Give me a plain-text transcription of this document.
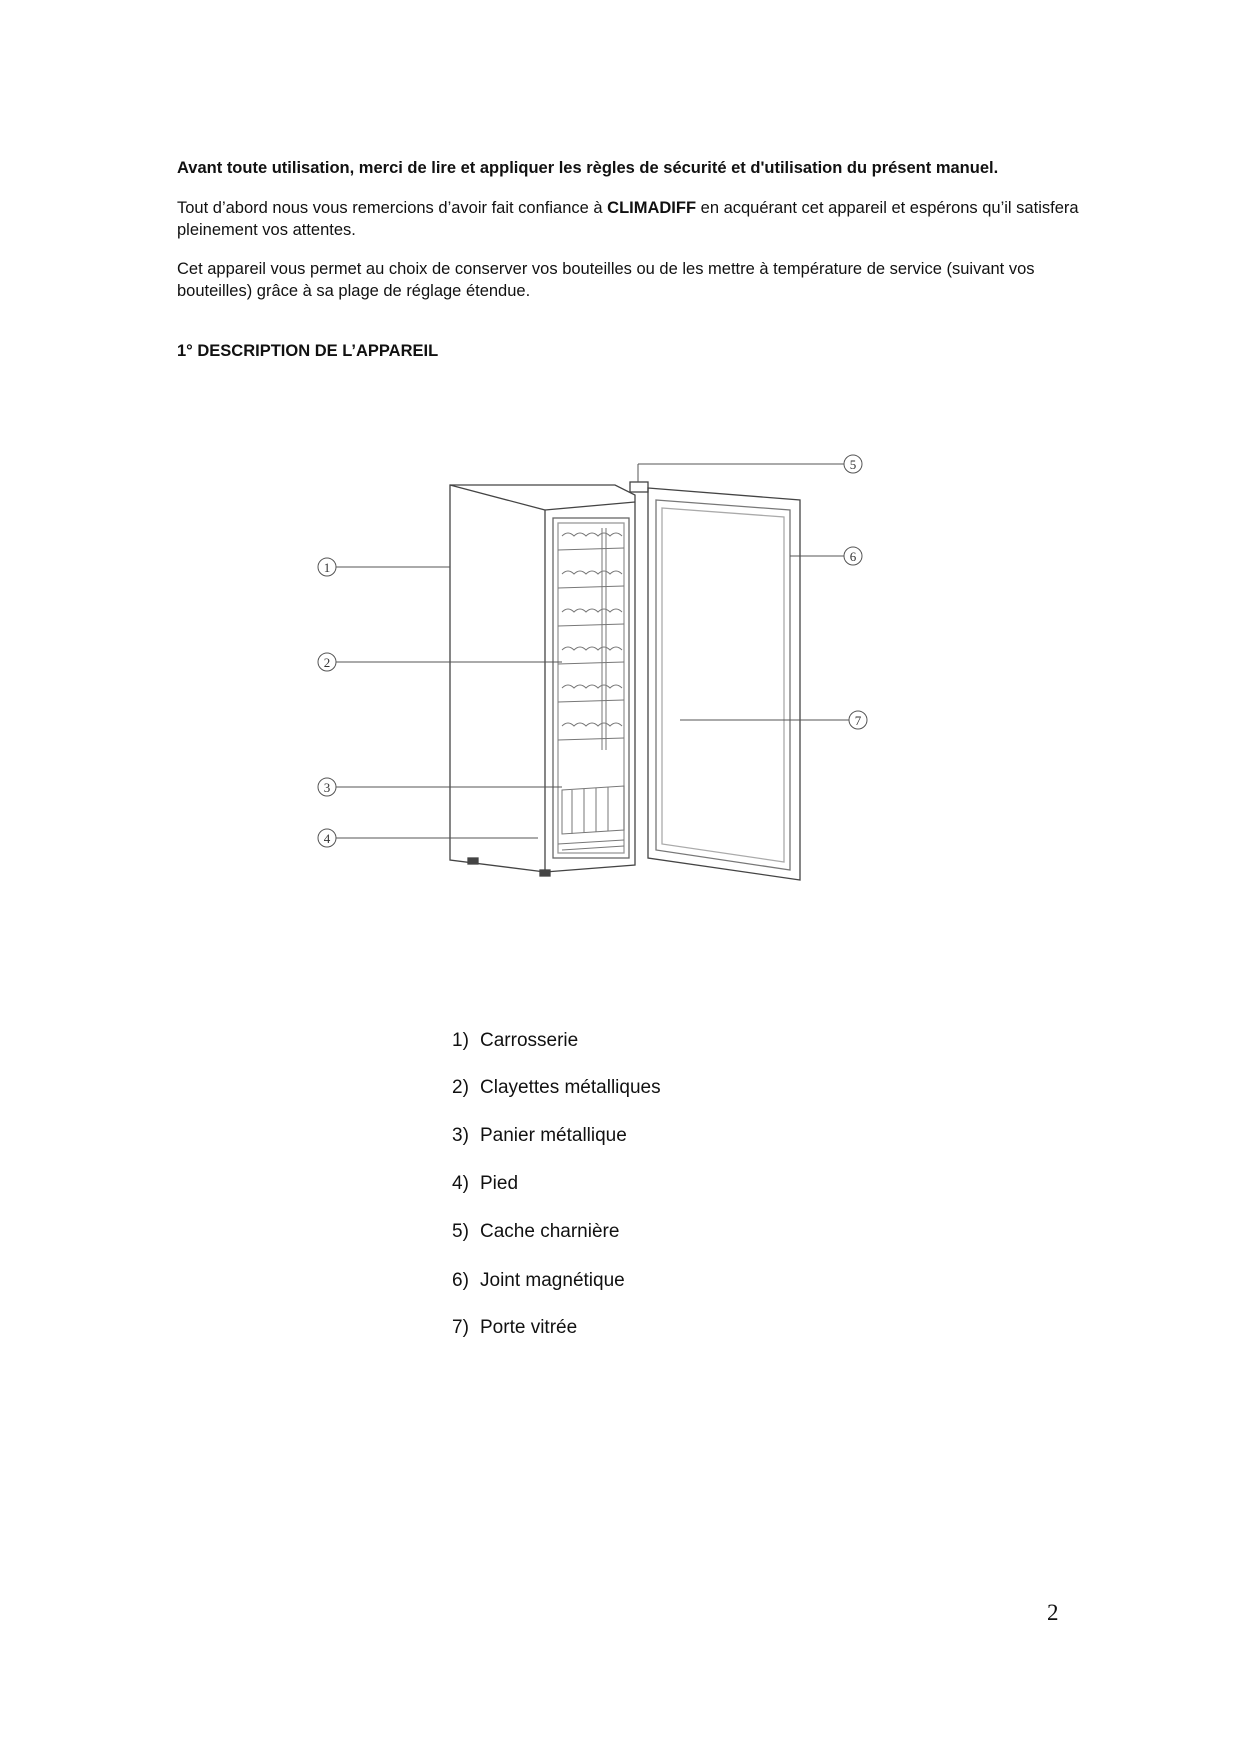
Avant toute utilisation, merci de lire et appliquer les règles de sécurité et d'utilisation du présent manuel.

Tout d’abord nous vous remercions d’avoir fait confiance à CLIMADIFF en acquérant cet appareil et espérons qu’il satisfera pleinement vos attentes.

Cet appareil vous permet au choix de conserver vos bouteilles ou de les mettre à température de service (suivant vos bouteilles) grâce à sa plage de réglage étendue.

1° DESCRIPTION DE L’APPAREIL

1
2
3
4
5
6
7
1) Carrosserie
2) Clayettes métalliques
3) Panier métallique
4) Pied
5) Cache charnière
6) Joint magnétique
7) Porte vitrée
2
